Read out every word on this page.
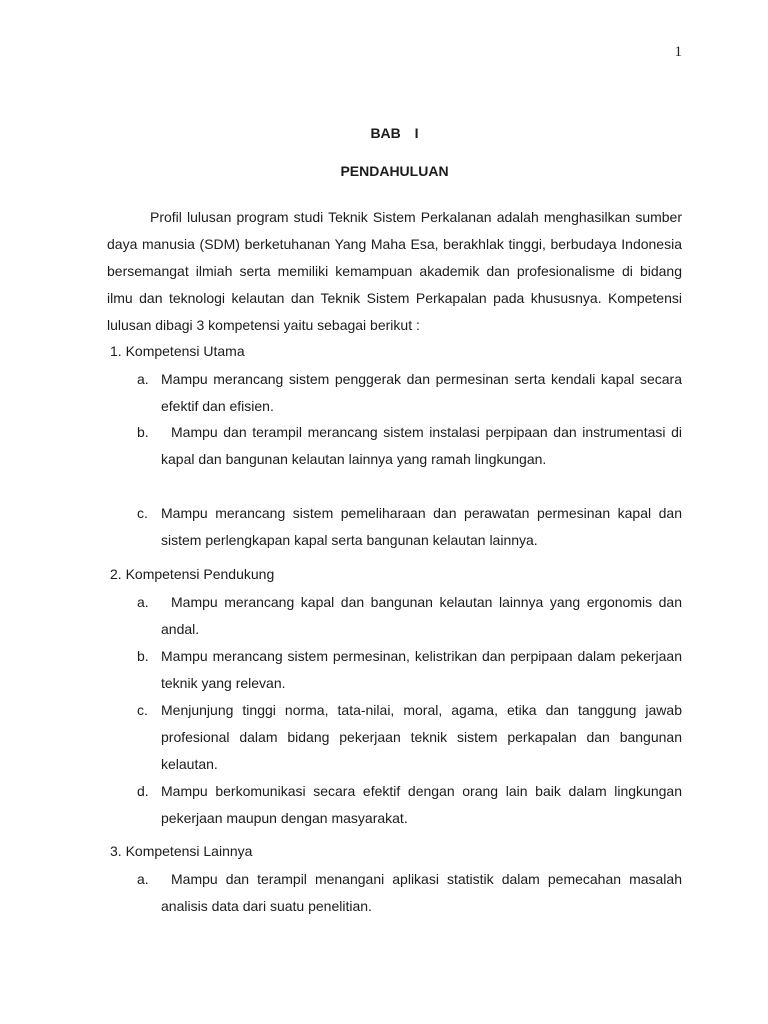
1
BAB I
PENDAHULUAN
Profil lulusan program studi Teknik Sistem Perkalanan adalah menghasilkan sumber daya manusia (SDM) berketuhanan Yang Maha Esa, berakhlak tinggi, berbudaya Indonesia bersemangat ilmiah serta memiliki kemampuan akademik dan profesionalisme di bidang ilmu dan teknologi kelautan dan Teknik Sistem Perkapalan pada khususnya. Kompetensi lulusan dibagi 3 kompetensi yaitu sebagai berikut :
1. Kompetensi Utama
a. Mampu merancang sistem penggerak dan permesinan serta kendali kapal secara efektif dan efisien.
b.	Mampu dan terampil merancang sistem instalasi perpipaan dan instrumentasi di kapal dan bangunan kelautan lainnya yang ramah lingkungan.
c. Mampu merancang sistem pemeliharaan dan perawatan permesinan kapal dan sistem perlengkapan kapal serta bangunan kelautan lainnya.
2. Kompetensi Pendukung
a.	Mampu merancang kapal dan bangunan kelautan lainnya yang ergonomis dan andal.
b. Mampu merancang sistem permesinan, kelistrikan dan perpipaan dalam pekerjaan teknik yang relevan.
c. Menjunjung tinggi norma, tata-nilai, moral, agama, etika dan tanggung jawab profesional dalam bidang pekerjaan teknik sistem perkapalan dan bangunan kelautan.
d. Mampu berkomunikasi secara efektif dengan orang lain baik dalam lingkungan pekerjaan maupun dengan masyarakat.
3. Kompetensi Lainnya
a.	Mampu dan terampil menangani aplikasi statistik dalam pemecahan masalah analisis data dari suatu penelitian.
